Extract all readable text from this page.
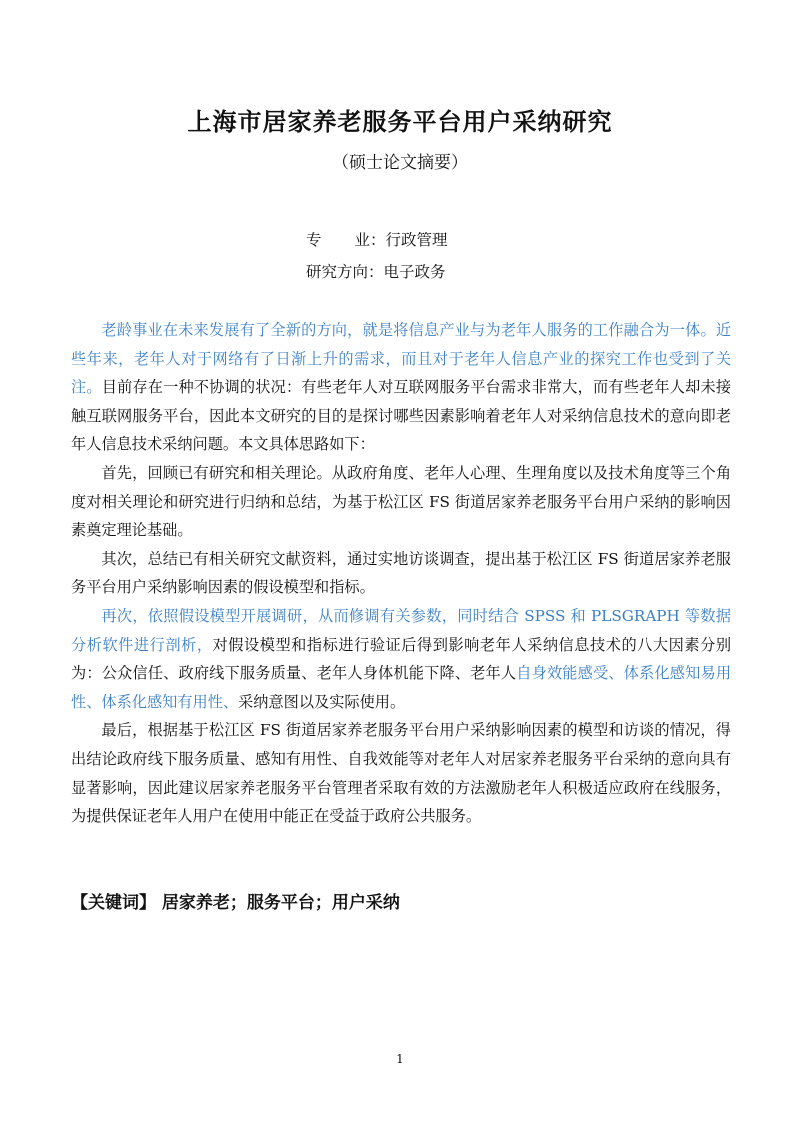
上海市居家养老服务平台用户采纳研究

（硕士论文摘要）

专业：行政管理

研究方向：电子政务

老龄事业在未来发展有了全新的方向，就是将信息产业与为老年人服务的工作融合为一体。近些年来，老年人对于网络有了日渐上升的需求，而且对于老年人信息产业的探究工作也受到了关注。目前存在一种不协调的状况：有些老年人对互联网服务平台需求非常大，而有些老年人却未接触互联网服务平台，因此本文研究的目的是探讨哪些因素影响着老年人对采纳信息技术的意向即老年人信息技术采纳问题。本文具体思路如下：

首先，回顾已有研究和相关理论。从政府角度、老年人心理、生理角度以及技术角度等三个角度对相关理论和研究进行归纳和总结，为基于松江区 FS 街道居家养老服务平台用户采纳的影响因素奠定理论基础。

其次，总结已有相关研究文献资料，通过实地访谈调查，提出基于松江区 FS 街道居家养老服务平台用户采纳影响因素的假设模型和指标。

再次，依照假设模型开展调研，从而修调有关参数，同时结合 SPSS 和 PLSGRAPH 等数据分析软件进行剖析，对假设模型和指标进行验证后得到影响老年人采纳信息技术的八大因素分别为：公众信任、政府线下服务质量、老年人身体机能下降、老年人自身效能感受、体系化感知易用性、体系化感知有用性、采纳意图以及实际使用。

最后，根据基于松江区 FS 街道居家养老服务平台用户采纳影响因素的模型和访谈的情况，得出结论政府线下服务质量、感知有用性、自我效能等对老年人对居家养老服务平台采纳的意向具有显著影响，因此建议居家养老服务平台管理者采取有效的方法激励老年人积极适应政府在线服务，为提供保证老年人用户在使用中能正在受益于政府公共服务。

【关键词】 居家养老；服务平台；用户采纳
1
